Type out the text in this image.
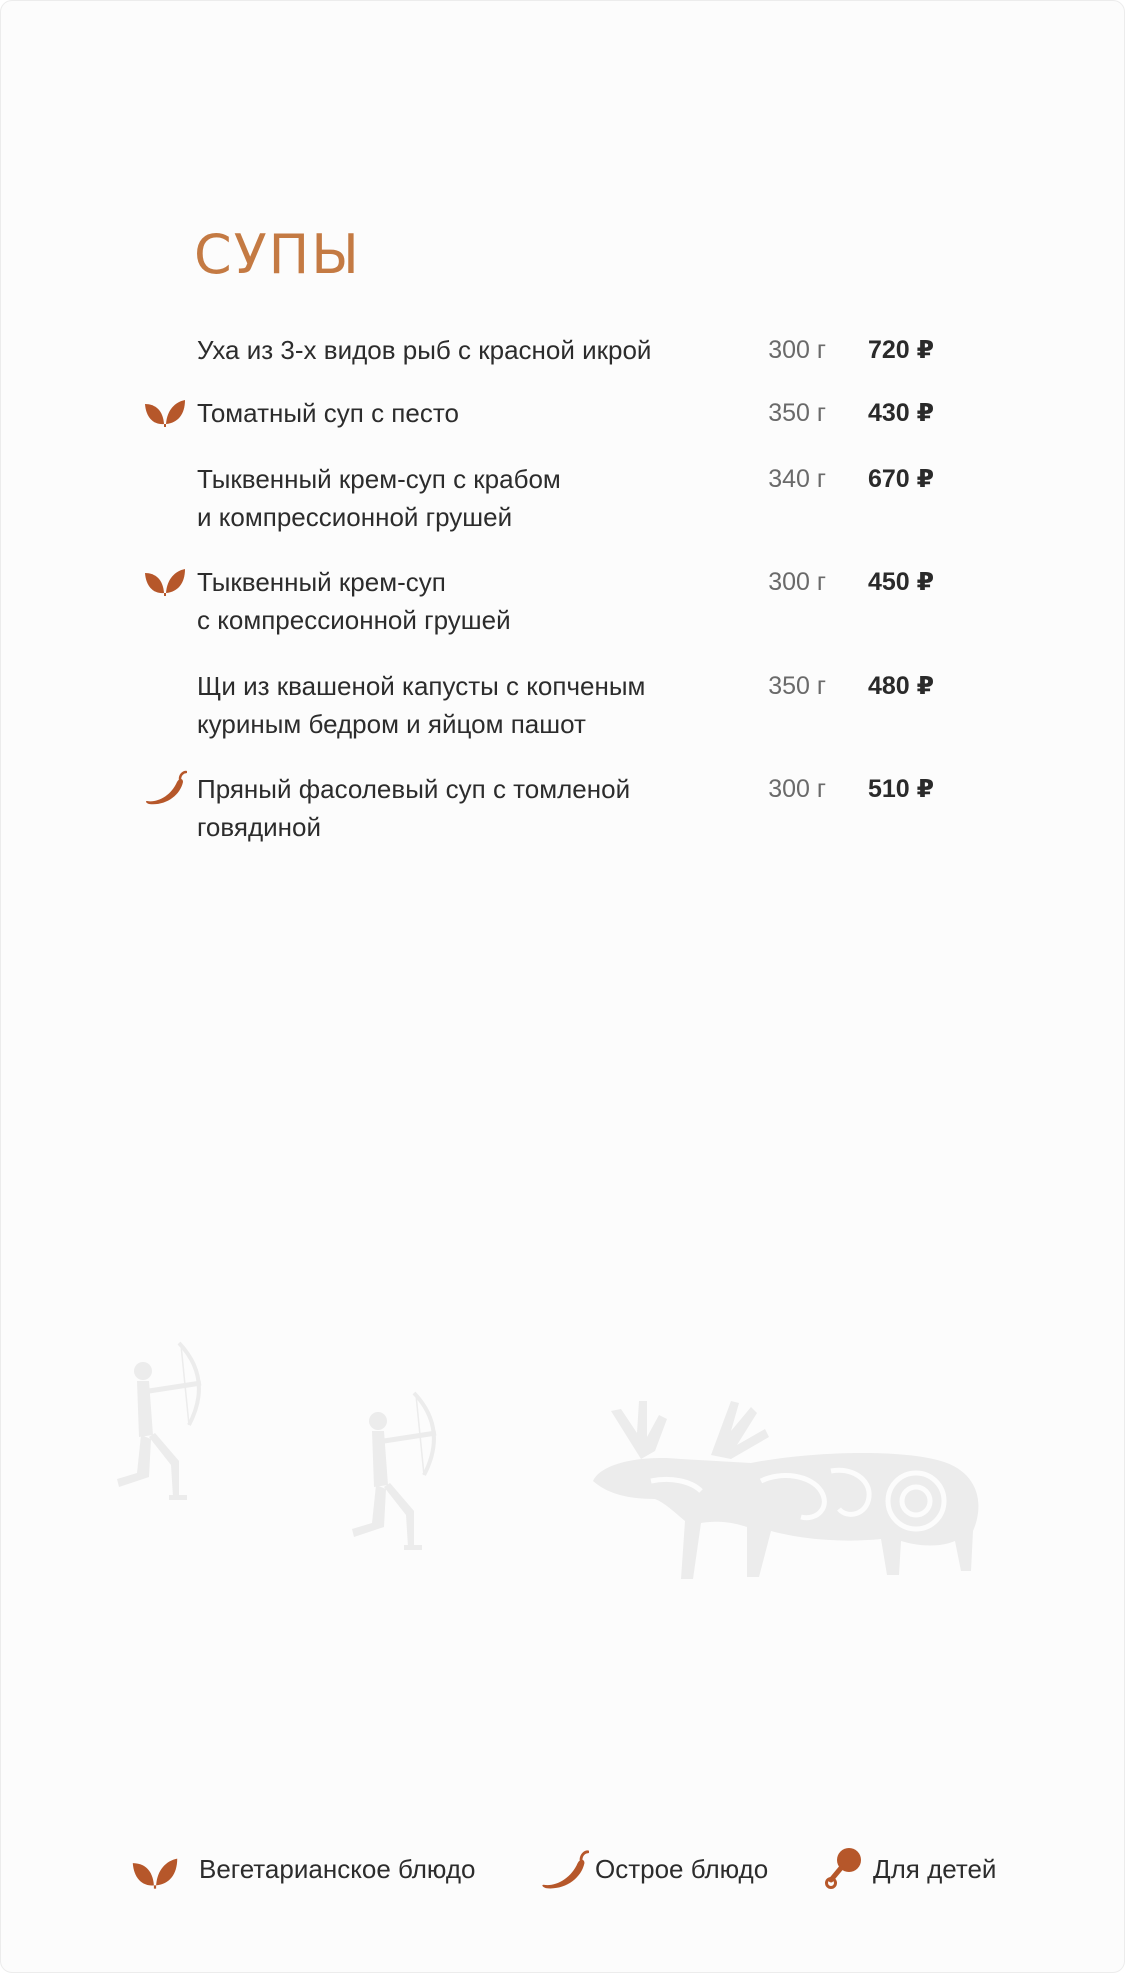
СУПЫ
Уха из 3-х видов рыб с красной икрой	300 г	720 ₽
Томатный суп с песто	350 г	430 ₽
Тыквенный крем-суп с крабом
и компрессионной грушей
340 г	670 ₽
Тыквенный крем-суп
с компрессионной грушей
300 г	450 ₽
Щи из квашеной капусты с копченым
куриным бедром и яйцом пашот
350 г	480 ₽
Пряный фасолевый суп с томленой
говядиной
300 г	510 ₽
Вегетарианское блюдо	Острое блюдо	Для детей
